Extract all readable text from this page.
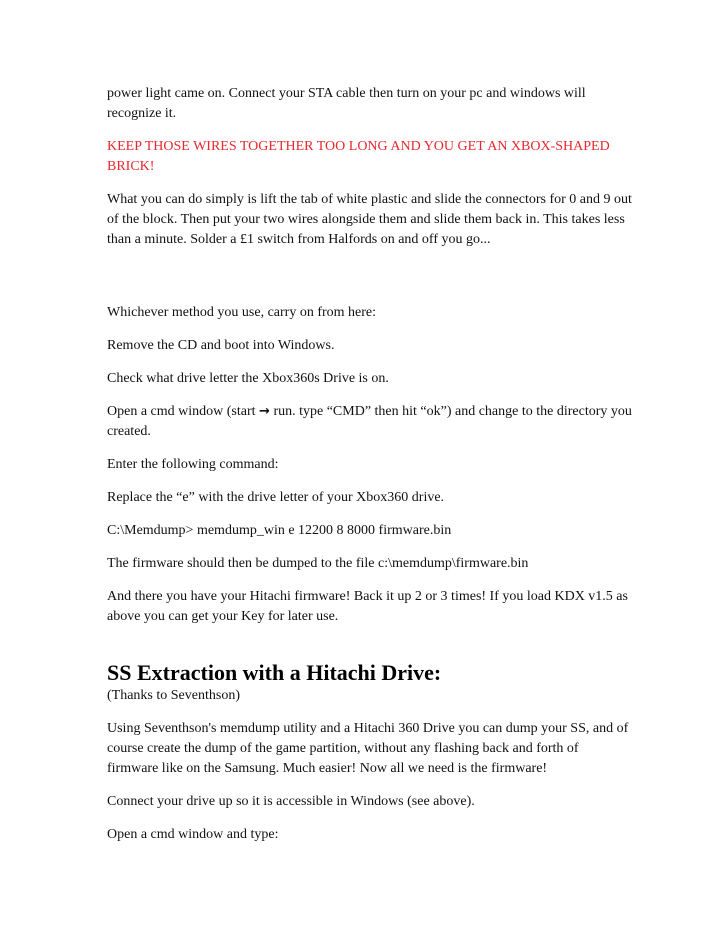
power light came on. Connect your STA cable then turn on your pc and windows will recognize it.

KEEP THOSE WIRES TOGETHER TOO LONG AND YOU GET AN XBOX-SHAPED BRICK!

What you can do simply is lift the tab of white plastic and slide the connectors for 0 and 9 out of the block. Then put your two wires alongside them and slide them back in. This takes less than a minute. Solder a £1 switch from Halfords on and off you go...

Whichever method you use, carry on from here:

Remove the CD and boot into Windows.

Check what drive letter the Xbox360s Drive is on.

Open a cmd window (start → run. type “CMD” then hit “ok”) and change to the directory you created.

Enter the following command:

Replace the “e” with the drive letter of your Xbox360 drive.

C:\Memdump> memdump_win e 12200 8 8000 firmware.bin

The firmware should then be dumped to the file c:\memdump\firmware.bin

And there you have your Hitachi firmware! Back it up 2 or 3 times! If you load KDX v1.5 as above you can get your Key for later use.

SS Extraction with a Hitachi Drive:

(Thanks to Seventhson)

Using Seventhson's memdump utility and a Hitachi 360 Drive you can dump your SS, and of course create the dump of the game partition, without any flashing back and forth of firmware like on the Samsung. Much easier! Now all we need is the firmware!

Connect your drive up so it is accessible in Windows (see above).

Open a cmd window and type:
